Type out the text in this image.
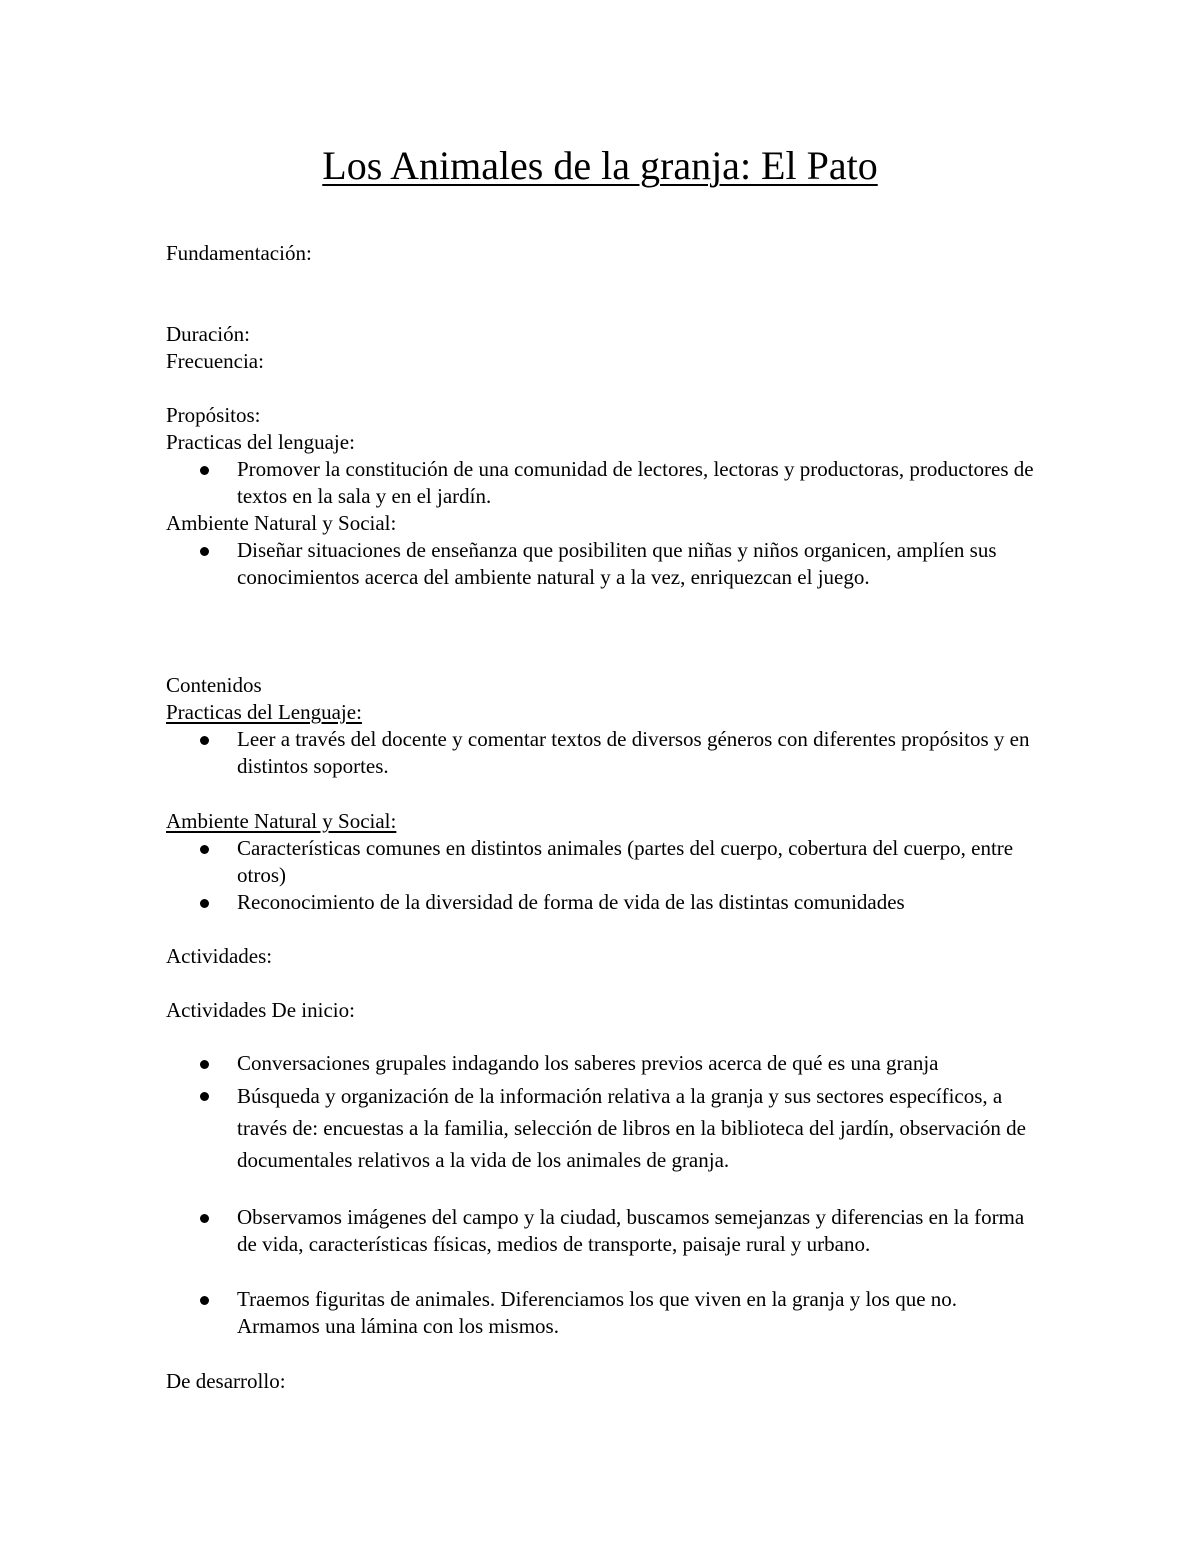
Los Animales de la granja: El Pato
Fundamentación:
Duración:
Frecuencia:
Propósitos:
Practicas del lenguaje:
Promover la constitución de una comunidad de lectores, lectoras y productoras, productores de textos en la sala y en el jardín.
Ambiente Natural y Social:
Diseñar situaciones de enseñanza que posibiliten que niñas y niños organicen, amplíen sus conocimientos acerca del ambiente natural y a la vez, enriquezcan el juego.
Contenidos
Practicas del Lenguaje:
Leer a través del docente y comentar textos de diversos géneros con diferentes propósitos y en distintos soportes.
Ambiente Natural y Social:
Características comunes en distintos animales (partes del cuerpo, cobertura del cuerpo, entre otros)
Reconocimiento de la diversidad de forma de vida de las distintas comunidades
Actividades:
Actividades De inicio:
Conversaciones grupales indagando los saberes previos acerca de qué es una granja
Búsqueda y organización de la información relativa a la granja y sus sectores específicos, a través de: encuestas a la familia, selección de libros en la biblioteca del jardín, observación de documentales relativos a la vida de los animales de granja.
Observamos imágenes del campo y la ciudad, buscamos semejanzas y diferencias en la forma de vida, características físicas, medios de transporte, paisaje rural y urbano.
Traemos figuritas de animales. Diferenciamos los que viven en la granja y los que no. Armamos una lámina con los mismos.
De desarrollo:
